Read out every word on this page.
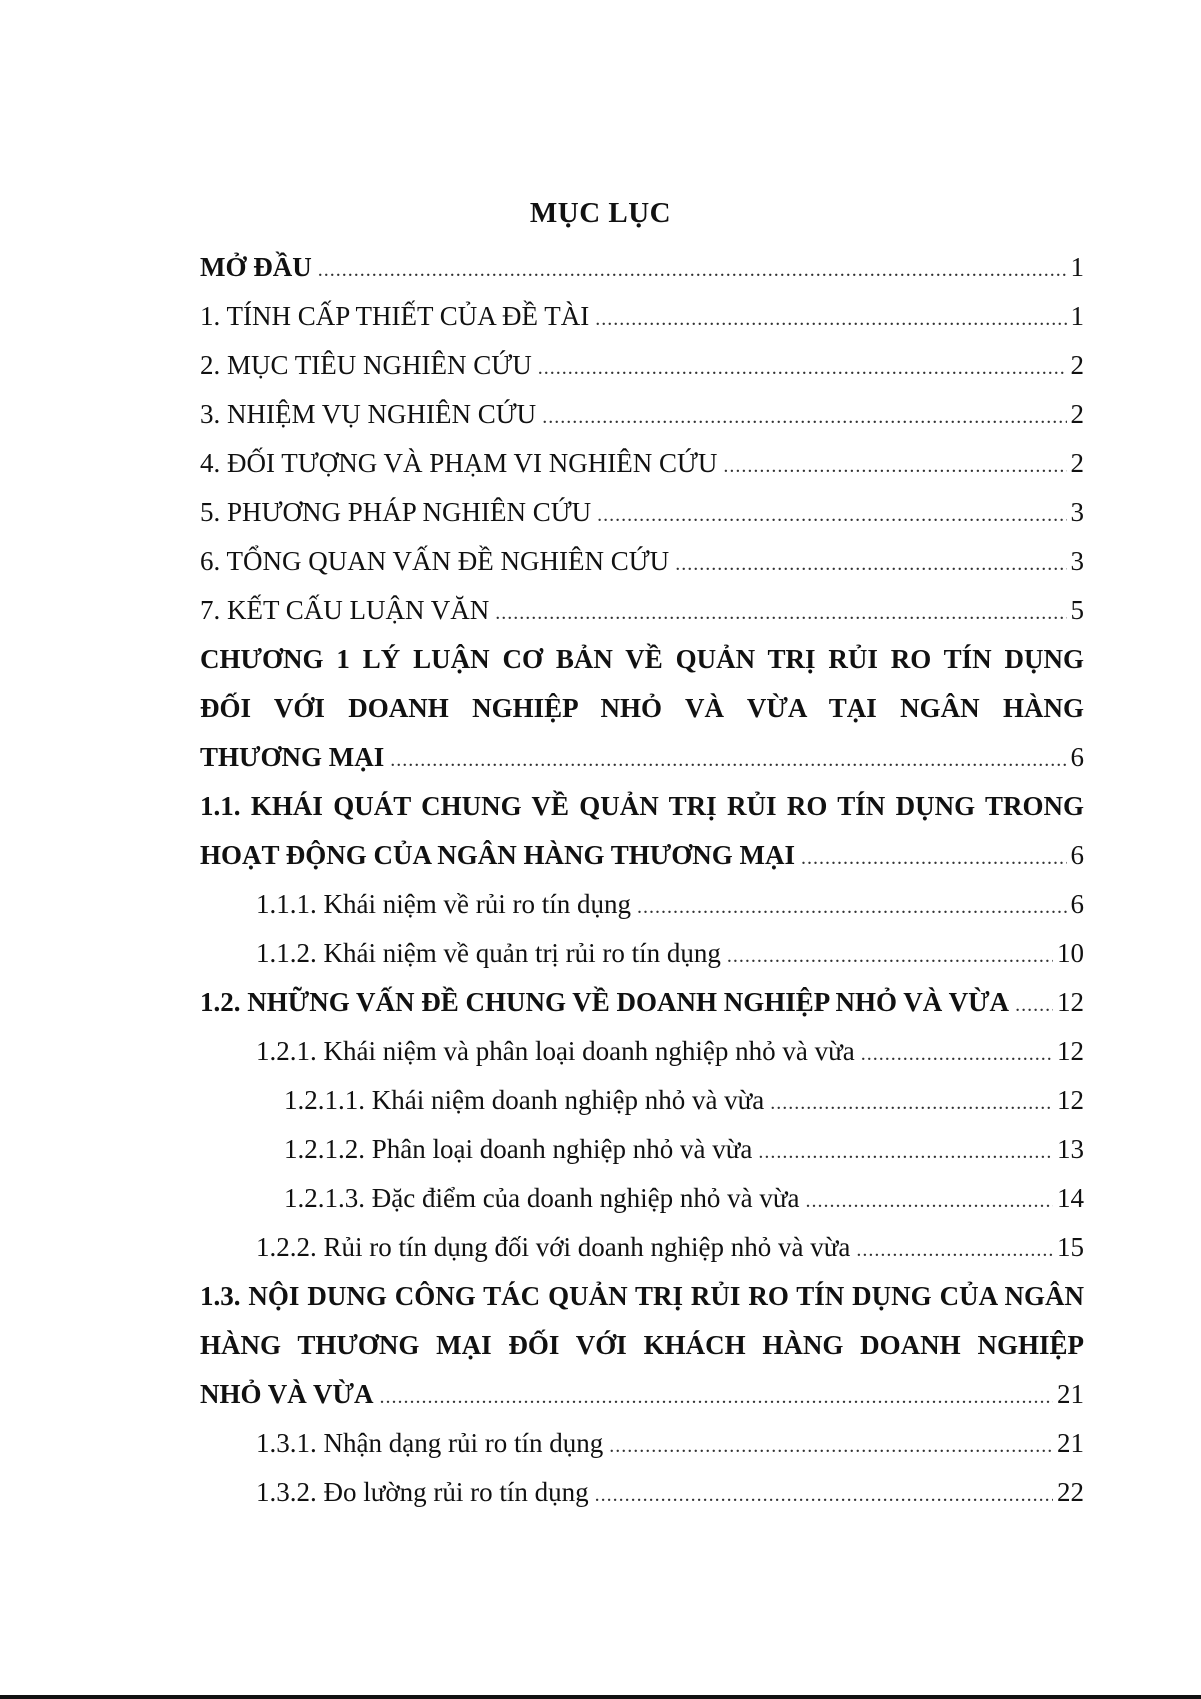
MỤC LỤC
MỞ ĐẦU .....	1
1. TÍNH CẤP THIẾT CỦA ĐỀ TÀI .....	1
2. MỤC TIÊU NGHIÊN CỨU .....	2
3. NHIỆM VỤ NGHIÊN CỨU .....	2
4. ĐỐI TƯỢNG VÀ PHẠM VI NGHIÊN CỨU .....	2
5. PHƯƠNG PHÁP NGHIÊN CỨU .....	3
6. TỔNG QUAN VẤN ĐỀ NGHIÊN CỨU .....	3
7. KẾT CẤU LUẬN VĂN .....	5
CHƯƠNG 1 LÝ LUẬN CƠ BẢN VỀ QUẢN TRỊ RỦI RO TÍN DỤNG
ĐỐI VỚI DOANH NGHIỆP NHỎ VÀ VỪA TẠI NGÂN HÀNG
THƯƠNG MẠI .....	6
1.1. KHÁI QUÁT CHUNG VỀ QUẢN TRỊ RỦI RO TÍN DỤNG TRONG
HOẠT ĐỘNG CỦA NGÂN HÀNG THƯƠNG MẠI .....	6
1.1.1. Khái niệm về rủi ro tín dụng .....	6
1.1.2. Khái niệm về quản trị rủi ro tín dụng .....	10
1.2. NHỮNG VẤN ĐỀ CHUNG VỀ DOANH NGHIỆP NHỎ VÀ VỪA ..... 12
1.2.1. Khái niệm và phân loại doanh nghiệp nhỏ và vừa .....	12
1.2.1.1. Khái niệm doanh nghiệp nhỏ và vừa .....	12
1.2.1.2. Phân loại doanh nghiệp nhỏ và vừa .....	13
1.2.1.3. Đặc điểm của doanh nghiệp nhỏ và vừa .....	14
1.2.2. Rủi ro tín dụng đối với doanh nghiệp nhỏ và vừa .....	15
1.3. NỘI DUNG CÔNG TÁC QUẢN TRỊ RỦI RO TÍN DỤNG CỦA NGÂN
HÀNG THƯƠNG MẠI ĐỐI VỚI KHÁCH HÀNG DOANH NGHIỆP
NHỎ VÀ VỪA .....	21
1.3.1. Nhận dạng rủi ro tín dụng .....	21
1.3.2. Đo lường rủi ro tín dụng .....	22
